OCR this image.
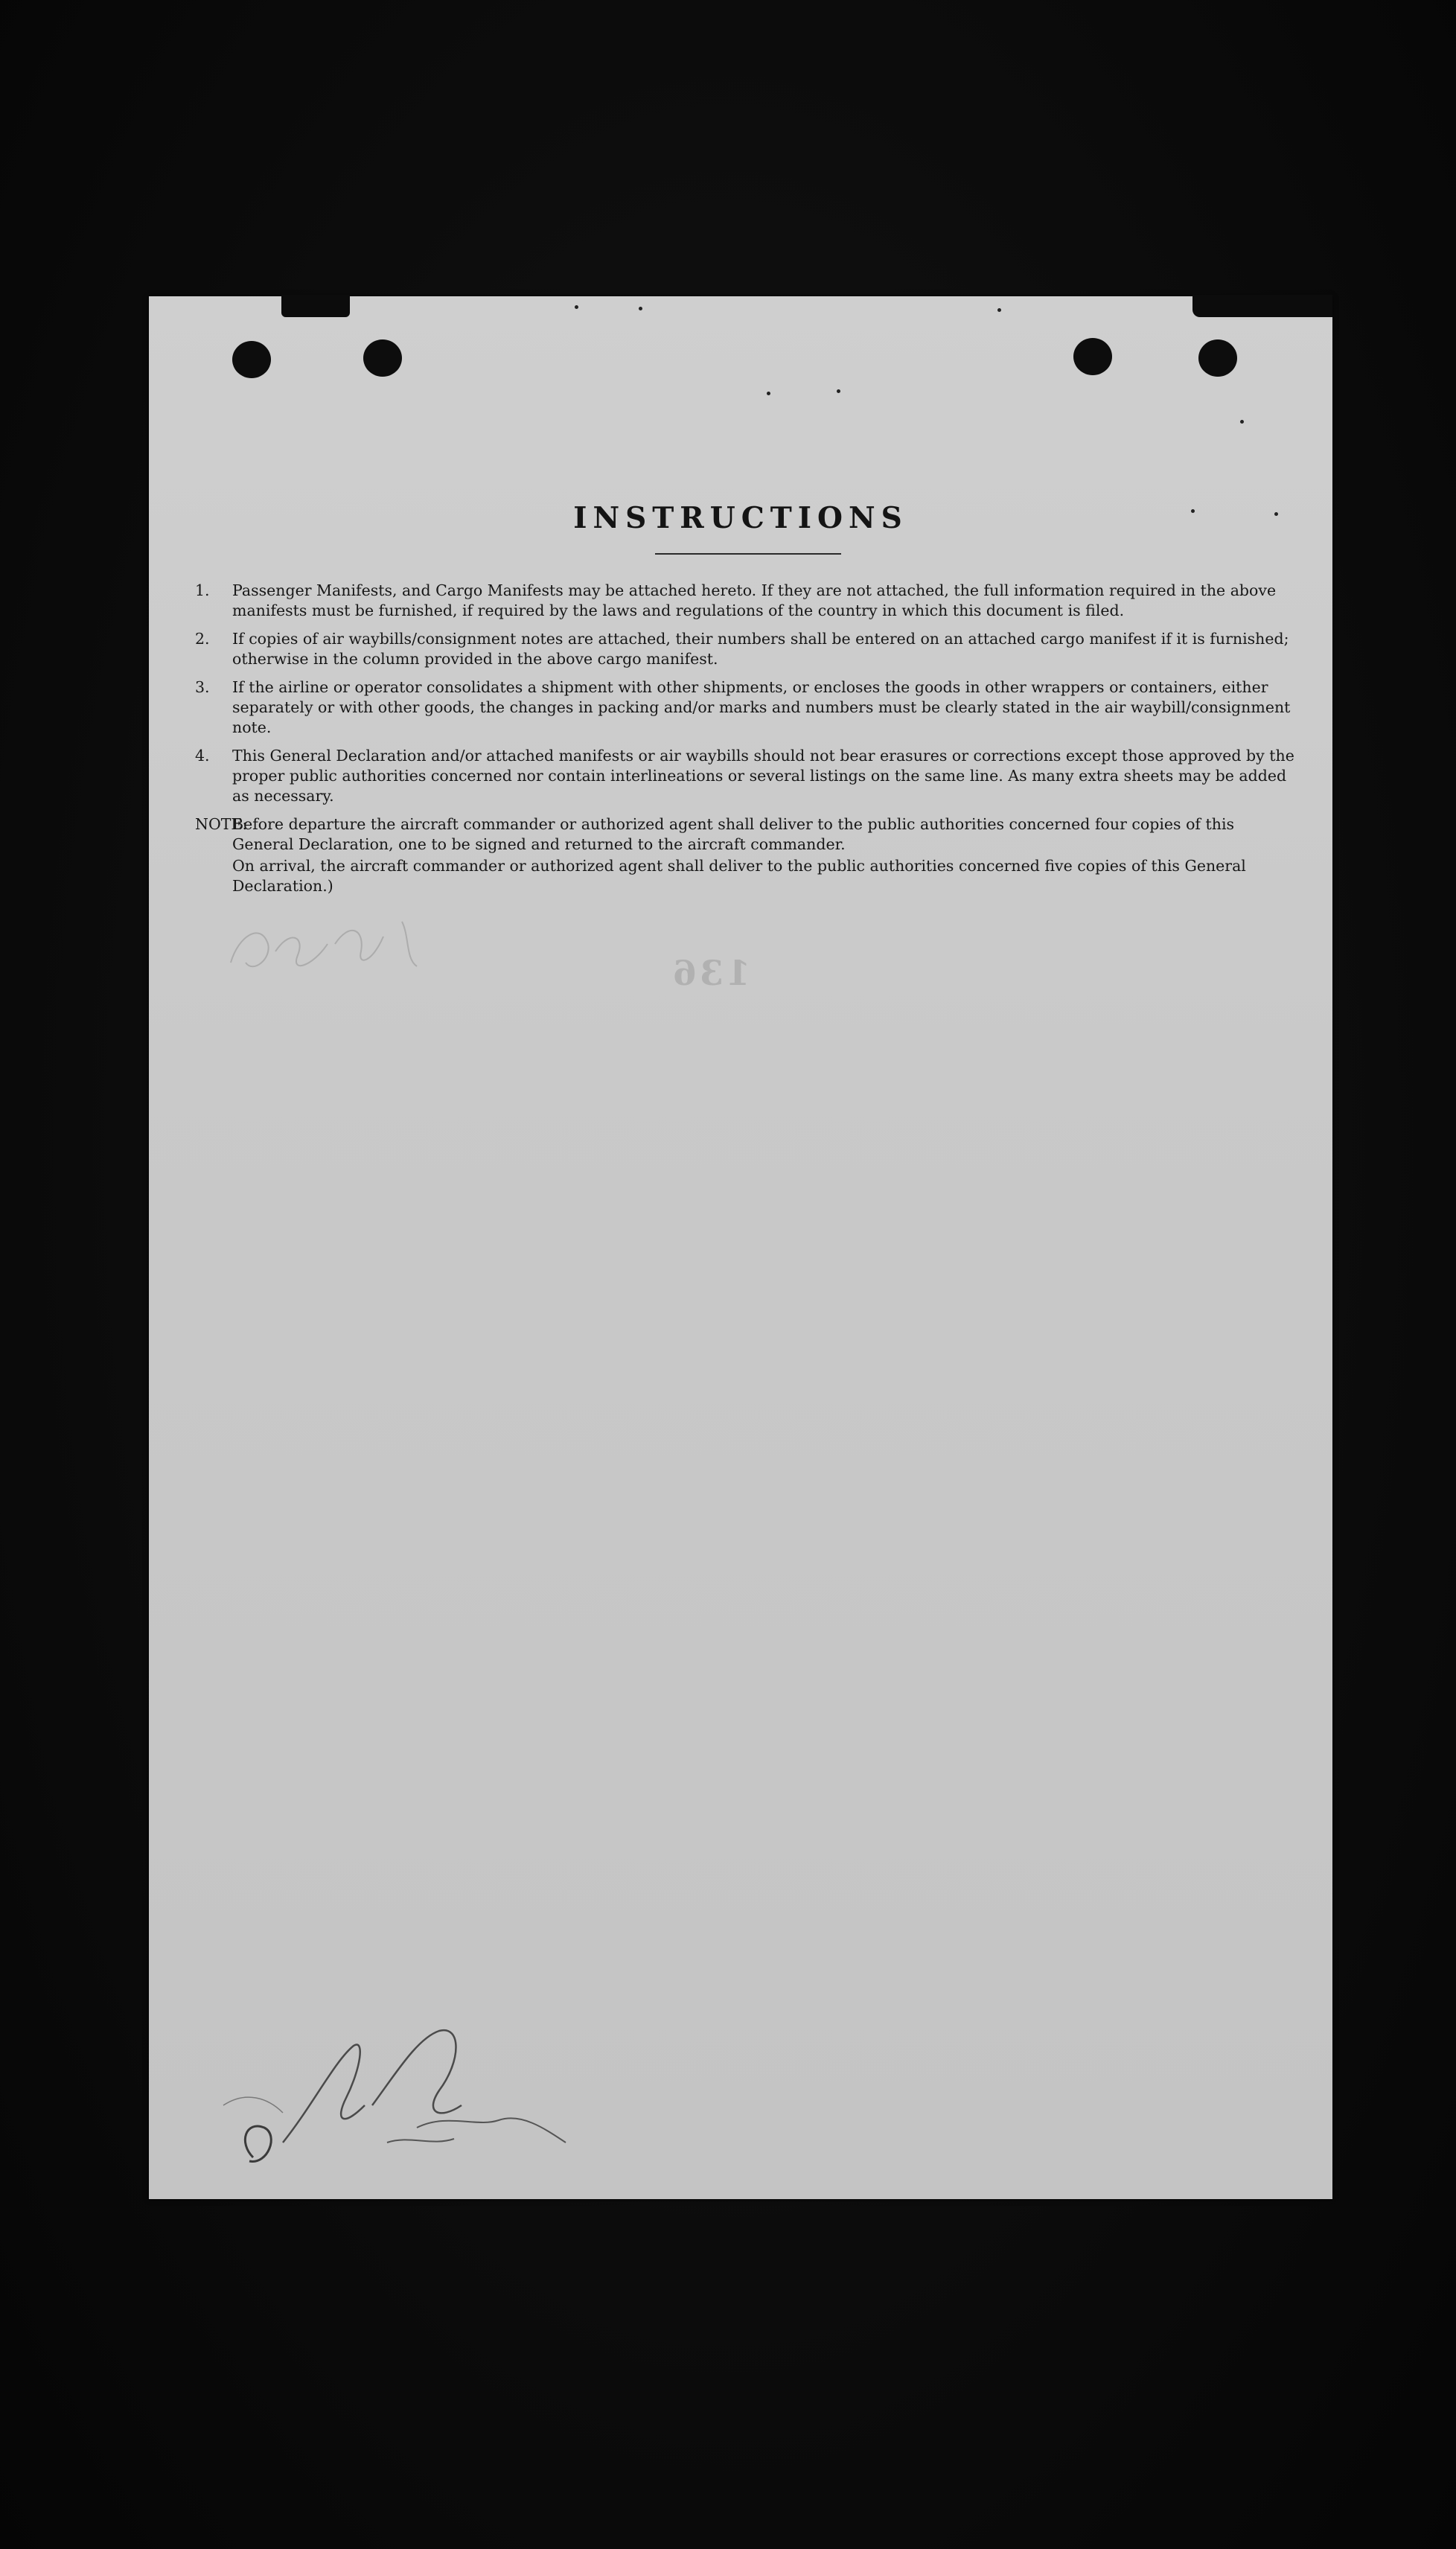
136
INSTRUCTIONS
1. Passenger Manifests, and Cargo Manifests may be attached hereto. If they are not attached, the full information required in the above manifests must be furnished, if required by the laws and regulations of the country in which this document is filed.
2. If copies of air waybills/consignment notes are attached, their numbers shall be entered on an attached cargo manifest if it is furnished; otherwise in the column provided in the above cargo manifest.
3. If the airline or operator consolidates a shipment with other shipments, or encloses the goods in other wrappers or containers, either separately or with other goods, the changes in packing and/or marks and numbers must be clearly stated in the air waybill/consignment note.
4. This General Declaration and/or attached manifests or air waybills should not bear erasures or corrections except those approved by the proper public authorities concerned nor contain interlineations or several listings on the same line. As many extra sheets may be added as necessary.
NOTE:

Before departure the aircraft commander or authorized agent shall deliver to the public authorities concerned four copies of this General Declaration, one to be signed and returned to the aircraft commander.

On arrival, the aircraft commander or authorized agent shall deliver to the public authorities concerned five copies of this General Declaration.)
